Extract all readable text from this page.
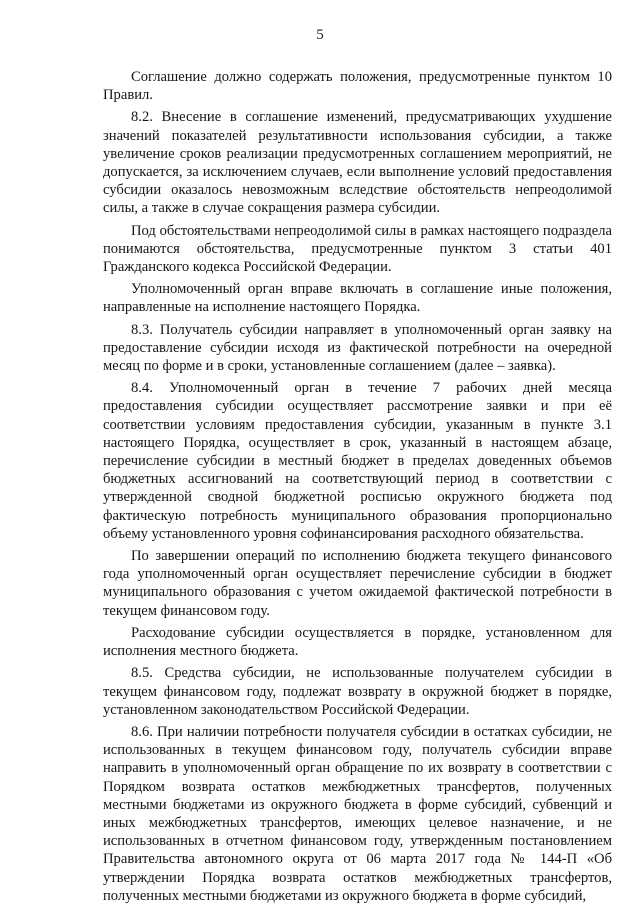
5

Соглашение должно содержать положения, предусмотренные пунктом 10 Правил.

8.2. Внесение в соглашение изменений, предусматривающих ухудшение значений показателей результативности использования субсидии, а также увеличение сроков реализации предусмотренных соглашением мероприятий, не допускается, за исключением случаев, если выполнение условий предоставления субсидии оказалось невозможным вследствие обстоятельств непреодолимой силы, а также в случае сокращения размера субсидии.

Под обстоятельствами непреодолимой силы в рамках настоящего подраздела понимаются обстоятельства, предусмотренные пунктом 3 статьи 401 Гражданского кодекса Российской Федерации.

Уполномоченный орган вправе включать в соглашение иные положения, направленные на исполнение настоящего Порядка.

8.3. Получатель субсидии направляет в уполномоченный орган заявку на предоставление субсидии исходя из фактической потребности на очередной месяц по форме и в сроки, установленные соглашением (далее – заявка).

8.4. Уполномоченный орган в течение 7 рабочих дней месяца предоставления субсидии осуществляет рассмотрение заявки и при её соответствии условиям предоставления субсидии, указанным в пункте 3.1 настоящего Порядка, осуществляет в срок, указанный в настоящем абзаце, перечисление субсидии в местный бюджет в пределах доведенных объемов бюджетных ассигнований на соответствующий период в соответствии с утвержденной сводной бюджетной росписью окружного бюджета под фактическую потребность муниципального образования пропорционально объему установленного уровня софинансирования расходного обязательства.

По завершении операций по исполнению бюджета текущего финансового года уполномоченный орган осуществляет перечисление субсидии в бюджет муниципального образования с учетом ожидаемой фактической потребности в текущем финансовом году.

Расходование субсидии осуществляется в порядке, установленном для исполнения местного бюджета.

8.5. Средства субсидии, не использованные получателем субсидии в текущем финансовом году, подлежат возврату в окружной бюджет в порядке, установленном законодательством Российской Федерации.

8.6. При наличии потребности получателя субсидии в остатках субсидии, не использованных в текущем финансовом году, получатель субсидии вправе направить в уполномоченный орган обращение по их возврату в соответствии с Порядком возврата остатков межбюджетных трансфертов, полученных местными бюджетами из окружного бюджета в форме субсидий, субвенций и иных межбюджетных трансфертов, имеющих целевое назначение, и не использованных в отчетном финансовом году, утвержденным постановлением Правительства автономного округа от 06 марта 2017 года № 144-П «Об утверждении Порядка возврата остатков межбюджетных трансфертов, полученных местными бюджетами из окружного бюджета в форме субсидий,
